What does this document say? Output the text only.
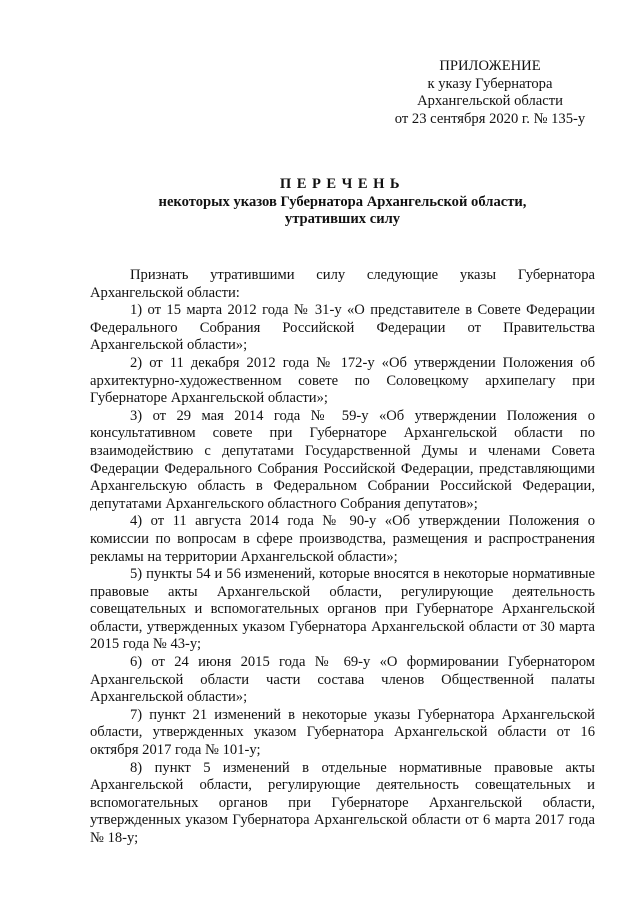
ПРИЛОЖЕНИЕ
к указу Губернатора
Архангельской области
от 23 сентября 2020 г. № 135-у
ПЕРЕЧЕНЬ
некоторых указов Губернатора Архангельской области,
утративших силу

Признать утратившими силу следующие указы Губернатора Архангельской области:

1) от 15 марта 2012 года № 31-у «О представителе в Совете Федерации Федерального Собрания Российской Федерации от Правительства Архангельской области»;

2) от 11 декабря 2012 года № 172-у «Об утверждении Положения об архитектурно-художественном совете по Соловецкому архипелагу при Губернаторе Архангельской области»;

3) от 29 мая 2014 года № 59-у «Об утверждении Положения о консультативном совете при Губернаторе Архангельской области по взаимодействию с депутатами Государственной Думы и членами Совета Федерации Федерального Собрания Российской Федерации, представляющими Архангельскую область в Федеральном Собрании Российской Федерации, депутатами Архангельского областного Собрания депутатов»;

4) от 11 августа 2014 года № 90-у «Об утверждении Положения о комиссии по вопросам в сфере производства, размещения и распространения рекламы на территории Архангельской области»;

5) пункты 54 и 56 изменений, которые вносятся в некоторые нормативные правовые акты Архангельской области, регулирующие деятельность совещательных и вспомогательных органов при Губернаторе Архангельской области, утвержденных указом Губернатора Архангельской области от 30 марта 2015 года № 43-у;

6) от 24 июня 2015 года № 69-у «О формировании Губернатором Архангельской области части состава членов Общественной палаты Архангельской области»;

7) пункт 21 изменений в некоторые указы Губернатора Архангельской области, утвержденных указом Губернатора Архангельской области от 16 октября 2017 года № 101-у;

8) пункт 5 изменений в отдельные нормативные правовые акты Архангельской области, регулирующие деятельность совещательных и вспомогательных органов при Губернаторе Архангельской области, утвержденных указом Губернатора Архангельской области от 6 марта 2017 года № 18-у;
